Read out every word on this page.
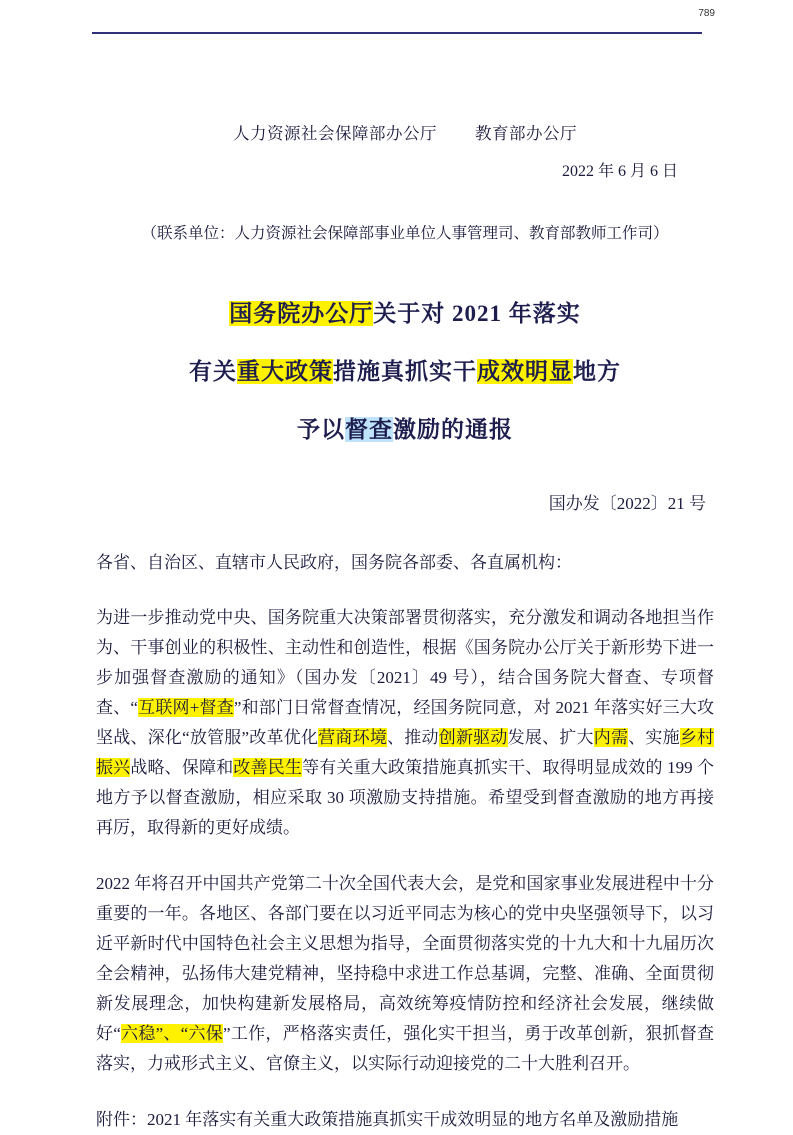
789
人力资源社会保障部办公厅 教育部办公厅
2022 年 6 月 6 日
（联系单位：人力资源社会保障部事业单位人事管理司、教育部教师工作司）
国务院办公厅关于对 2021 年落实
有关重大政策措施真抓实干成效明显地方
予以督查激励的通报
国办发〔2022〕21 号
各省、自治区、直辖市人民政府，国务院各部委、各直属机构：

为进一步推动党中央、国务院重大决策部署贯彻落实，充分激发和调动各地担当作为、干事创业的积极性、主动性和创造性，根据《国务院办公厅关于新形势下进一步加强督查激励的通知》（国办发〔2021〕49 号），结合国务院大督查、专项督查、“互联网+督查”和部门日常督查情况，经国务院同意，对 2021 年落实好三大攻坚战、深化“放管服”改革优化营商环境、推动创新驱动发展、扩大内需、实施乡村振兴战略、保障和改善民生等有关重大政策措施真抓实干、取得明显成效的 199 个地方予以督查激励，相应采取 30 项激励支持措施。希望受到督查激励的地方再接再厉，取得新的更好成绩。

2022 年将召开中国共产党第二十次全国代表大会，是党和国家事业发展进程中十分重要的一年。各地区、各部门要在以习近平同志为核心的党中央坚强领导下，以习近平新时代中国特色社会主义思想为指导，全面贯彻落实党的十九大和十九届历次全会精神，弘扬伟大建党精神，坚持稳中求进工作总基调，完整、准确、全面贯彻新发展理念，加快构建新发展格局，高效统筹疫情防控和经济社会发展，继续做好“六稳”、“六保”工作，严格落实责任，强化实干担当，勇于改革创新，狠抓督查落实，力戒形式主义、官僚主义，以实际行动迎接党的二十大胜利召开。

附件：2021 年落实有关重大政策措施真抓实干成效明显的地方名单及激励措施
